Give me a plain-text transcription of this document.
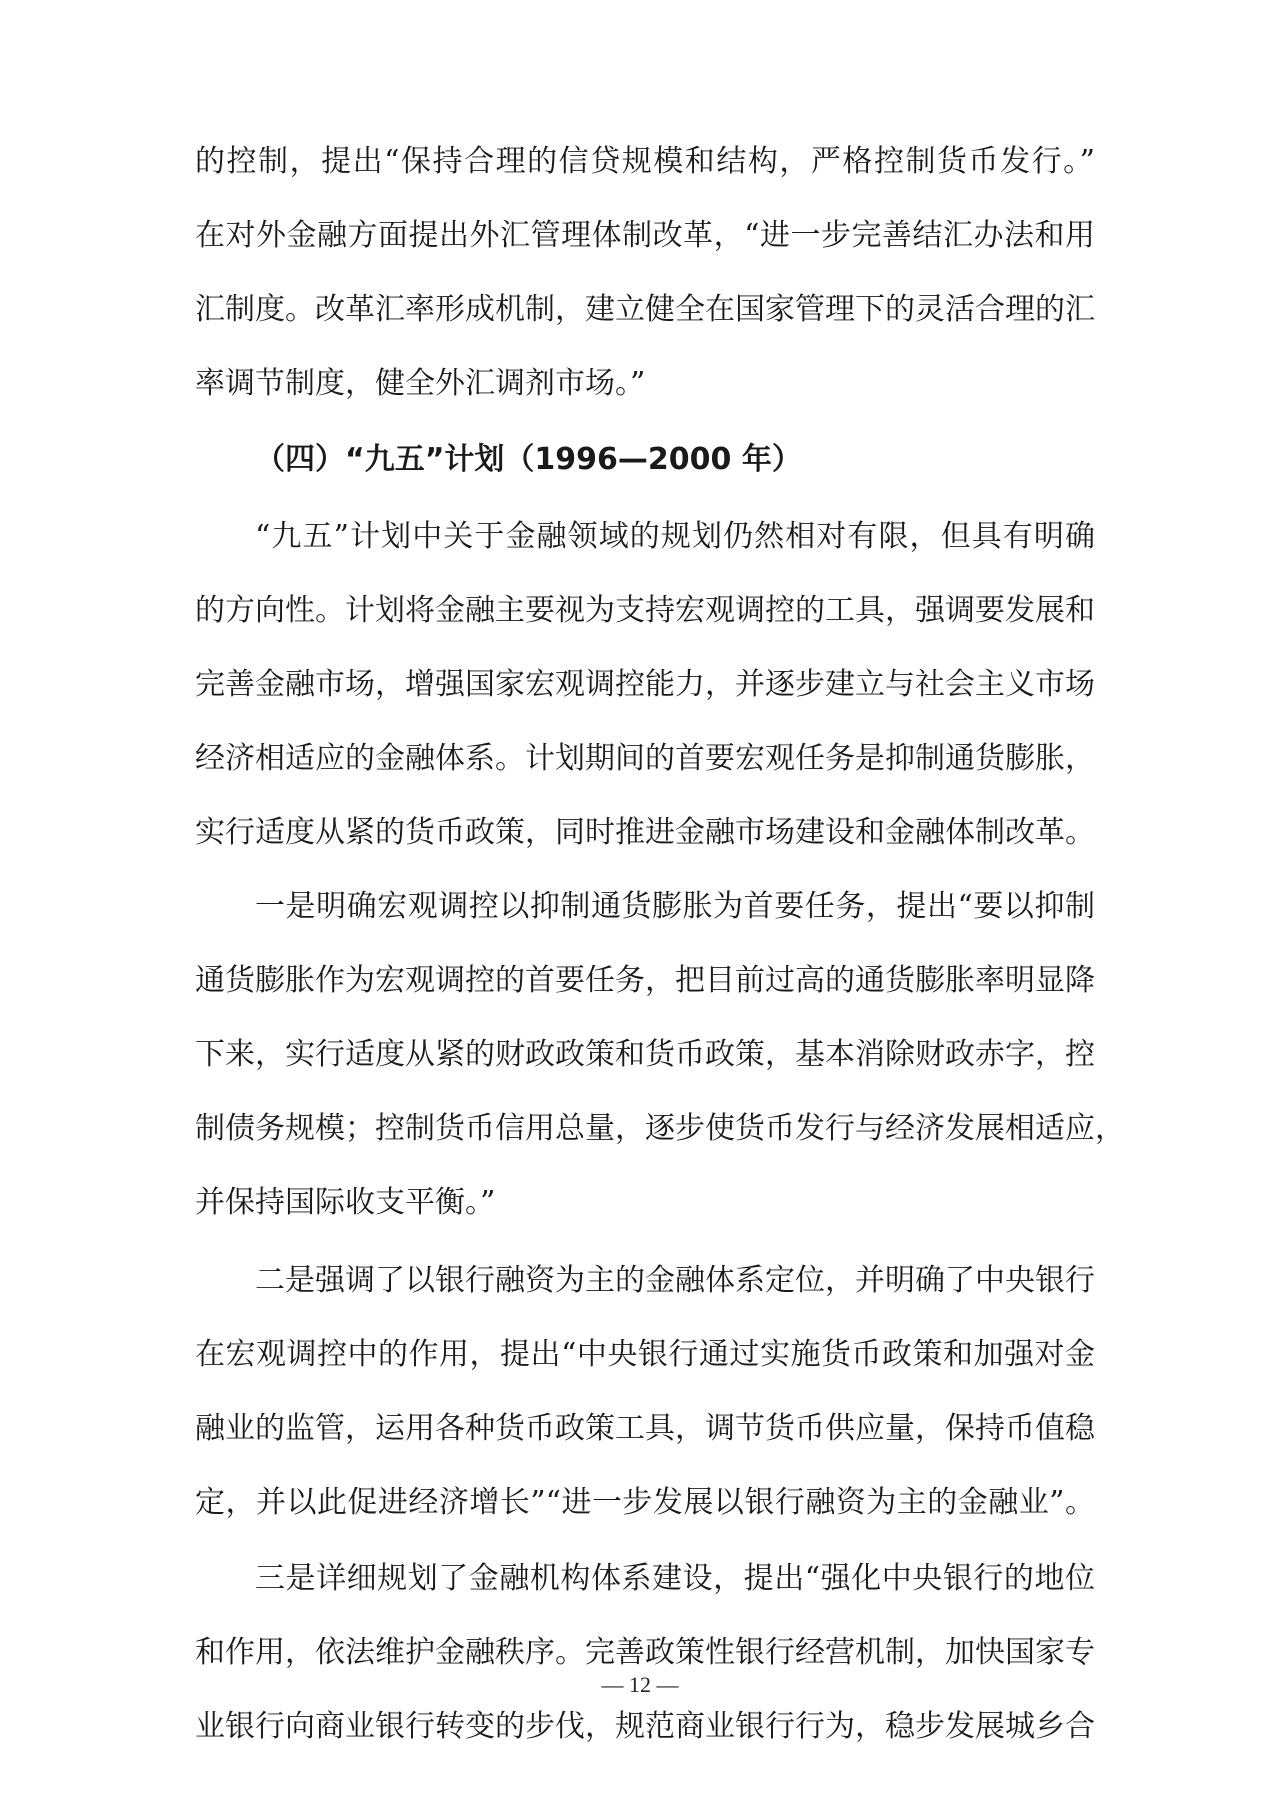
的控制，提出“保持合理的信贷规模和结构，严格控制货币发行。”
在对外金融方面提出外汇管理体制改革，“进一步完善结汇办法和用
汇制度。改革汇率形成机制，建立健全在国家管理下的灵活合理的汇
率调节制度，健全外汇调剂市场。”
（四）“九五”计划（1996—2000 年）
“九五”计划中关于金融领域的规划仍然相对有限，但具有明确
的方向性。计划将金融主要视为支持宏观调控的工具，强调要发展和
完善金融市场，增强国家宏观调控能力，并逐步建立与社会主义市场
经济相适应的金融体系。计划期间的首要宏观任务是抑制通货膨胀，
实行适度从紧的货币政策，同时推进金融市场建设和金融体制改革。
一是明确宏观调控以抑制通货膨胀为首要任务，提出“要以抑制
通货膨胀作为宏观调控的首要任务，把目前过高的通货膨胀率明显降
下来，实行适度从紧的财政政策和货币政策，基本消除财政赤字，控
制债务规模；控制货币信用总量，逐步使货币发行与经济发展相适应，
并保持国际收支平衡。”
二是强调了以银行融资为主的金融体系定位，并明确了中央银行
在宏观调控中的作用，提出“中央银行通过实施货币政策和加强对金
融业的监管，运用各种货币政策工具，调节货币供应量，保持币值稳
定，并以此促进经济增长”“进一步发展以银行融资为主的金融业”。
三是详细规划了金融机构体系建设，提出“强化中央银行的地位
和作用，依法维护金融秩序。完善政策性银行经营机制，加快国家专
业银行向商业银行转变的步伐，规范商业银行行为，稳步发展城乡合
— 12 —
